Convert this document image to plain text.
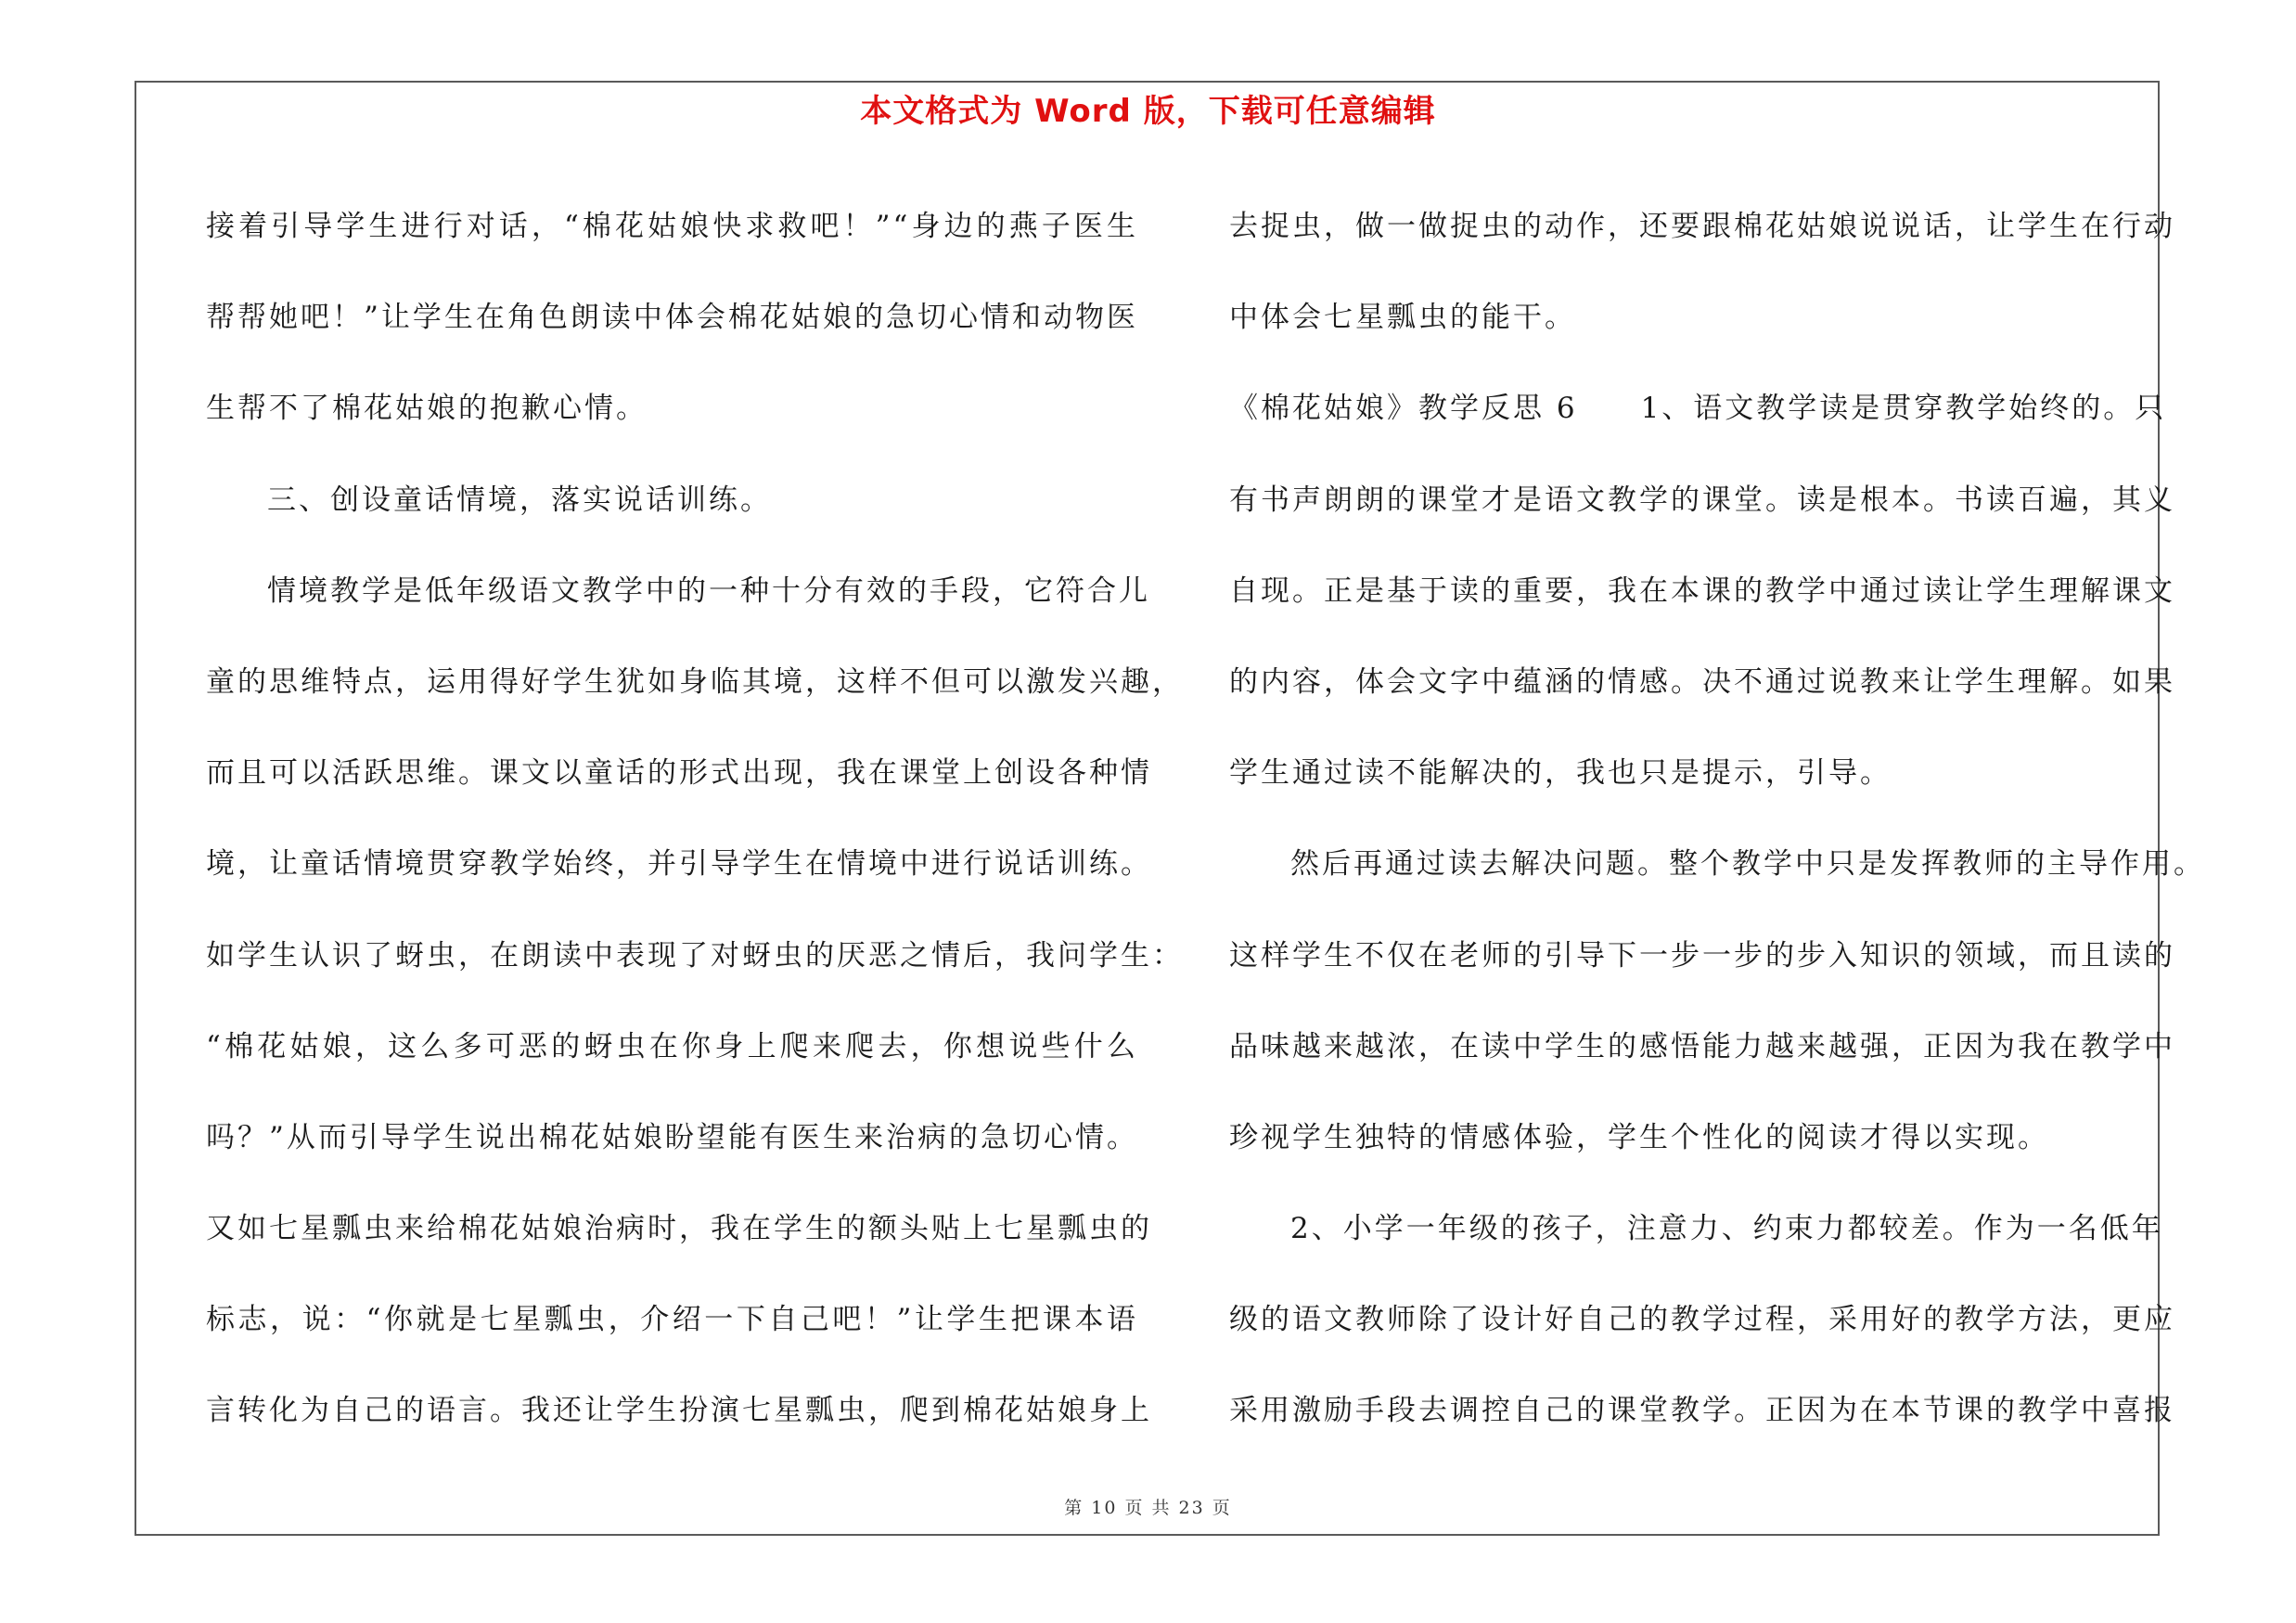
本文格式为 Word 版，下载可任意编辑
接着引导学生进行对话，“棉花姑娘快求救吧！”“身边的燕子医生
帮帮她吧！”让学生在角色朗读中体会棉花姑娘的急切心情和动物医
生帮不了棉花姑娘的抱歉心情。
三、创设童话情境，落实说话训练。
情境教学是低年级语文教学中的一种十分有效的手段，它符合儿
童的思维特点，运用得好学生犹如身临其境，这样不但可以激发兴趣，
而且可以活跃思维。课文以童话的形式出现，我在课堂上创设各种情
境，让童话情境贯穿教学始终，并引导学生在情境中进行说话训练。
如学生认识了蚜虫，在朗读中表现了对蚜虫的厌恶之情后，我问学生：
“棉花姑娘，这么多可恶的蚜虫在你身上爬来爬去，你想说些什么
吗？”从而引导学生说出棉花姑娘盼望能有医生来治病的急切心情。
又如七星瓢虫来给棉花姑娘治病时，我在学生的额头贴上七星瓢虫的
标志，说：“你就是七星瓢虫，介绍一下自己吧！”让学生把课本语
言转化为自己的语言。我还让学生扮演七星瓢虫，爬到棉花姑娘身上
去捉虫，做一做捉虫的动作，还要跟棉花姑娘说说话，让学生在行动
中体会七星瓢虫的能干。
《棉花姑娘》教学反思 6　　1、语文教学读是贯穿教学始终的。只
有书声朗朗的课堂才是语文教学的课堂。读是根本。书读百遍，其义
自现。正是基于读的重要，我在本课的教学中通过读让学生理解课文
的内容，体会文字中蕴涵的情感。决不通过说教来让学生理解。如果
学生通过读不能解决的，我也只是提示，引导。
然后再通过读去解决问题。整个教学中只是发挥教师的主导作用。
这样学生不仅在老师的引导下一步一步的步入知识的领域，而且读的
品味越来越浓，在读中学生的感悟能力越来越强，正因为我在教学中
珍视学生独特的情感体验，学生个性化的阅读才得以实现。
2、小学一年级的孩子，注意力、约束力都较差。作为一名低年
级的语文教师除了设计好自己的教学过程，采用好的教学方法，更应
采用激励手段去调控自己的课堂教学。正因为在本节课的教学中喜报
第 10 页 共 23 页
